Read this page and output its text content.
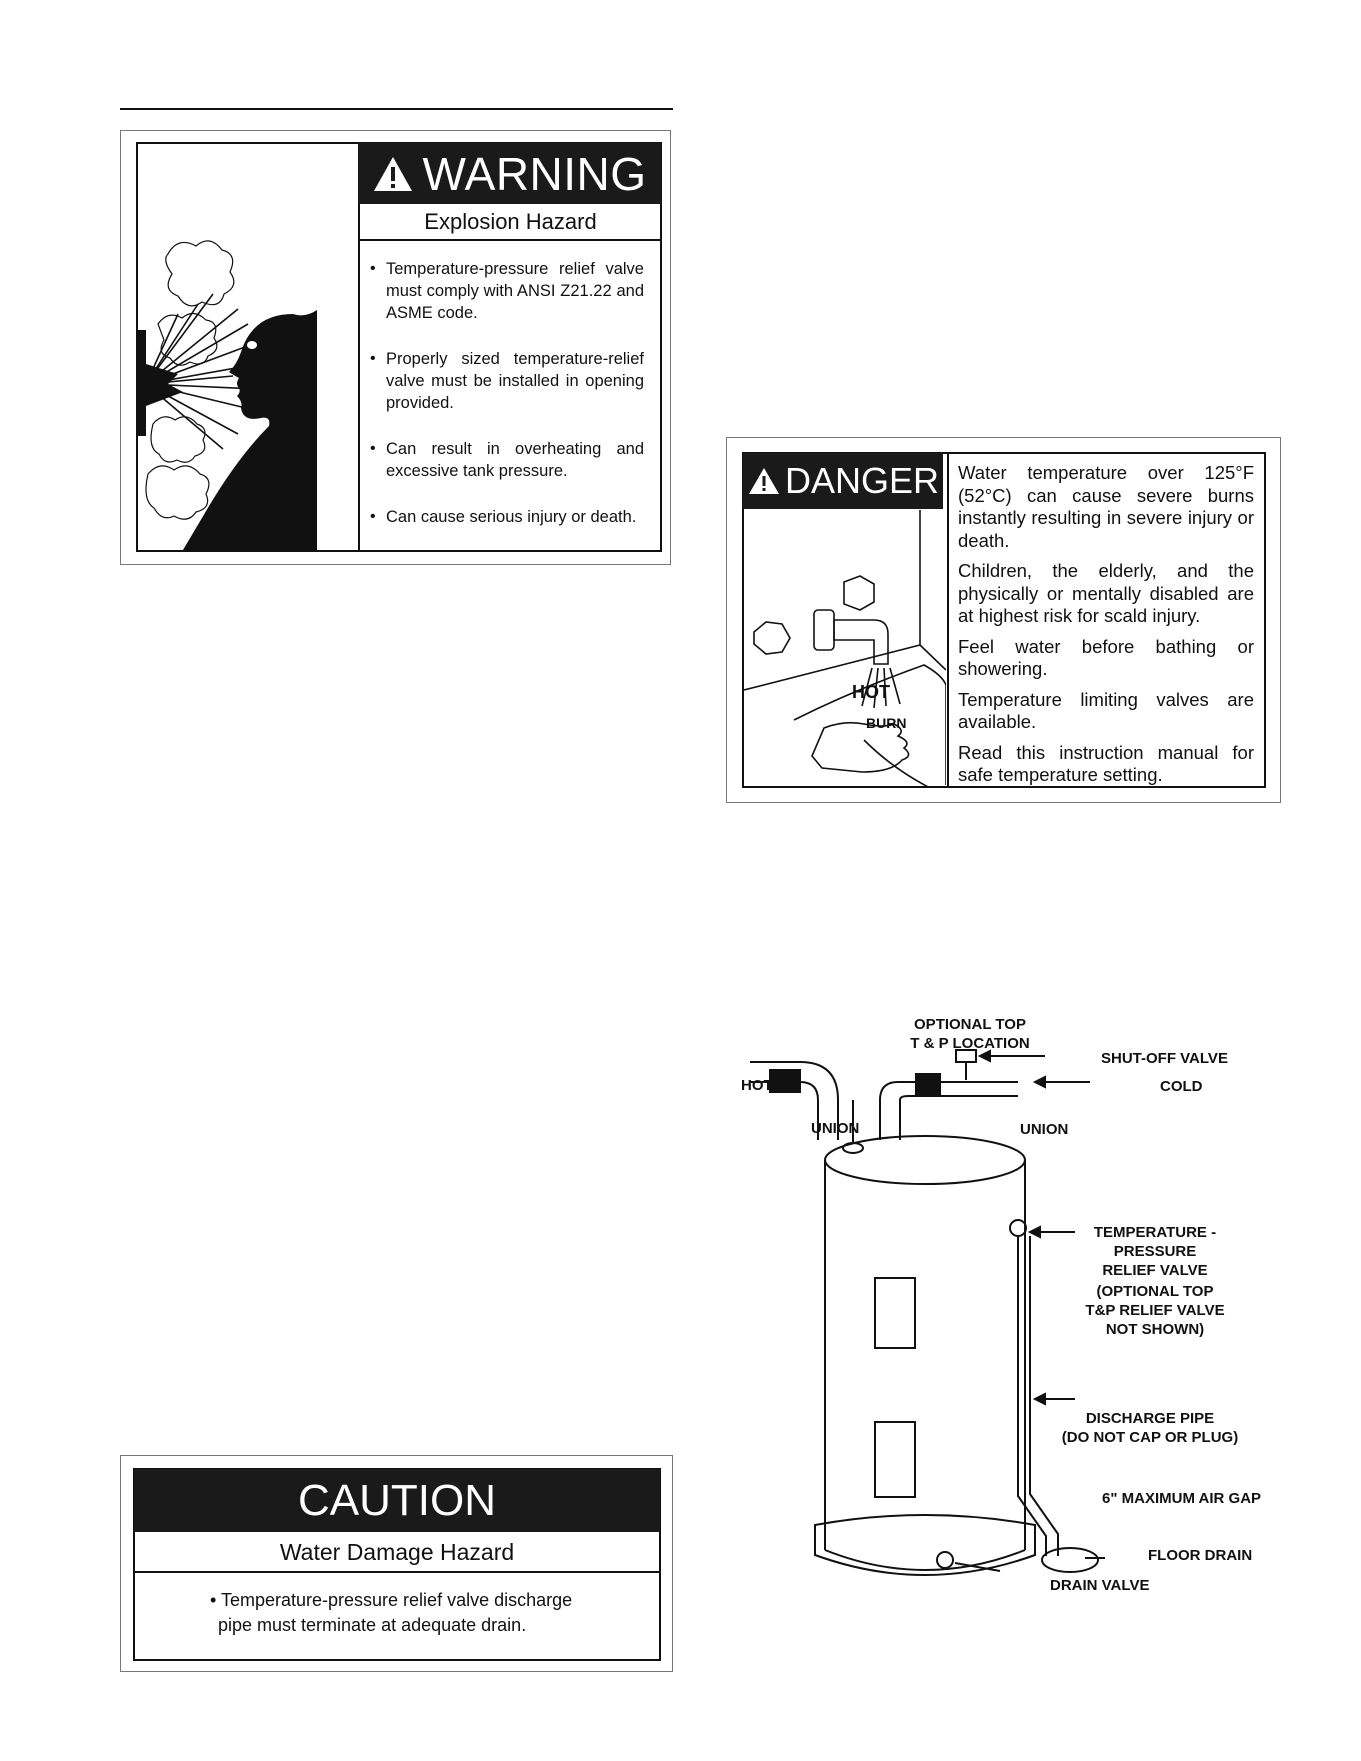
WARNING
Explosion Hazard
• Temperature-pressure relief valve must comply with ANSI Z21.22 and ASME code.
• Properly sized temperature-relief valve must be installed in opening provided.
• Can result in overheating and excessive tank pressure.
• Can cause serious injury or death.
DANGER
HOT
BURN

Water temperature over 125°F (52°C) can cause severe burns instantly resulting in severe injury or death.

Children, the elderly, and the physically or mentally disabled are at highest risk for scald injury.

Feel water before bathing or showering.

Temperature limiting valves are available.

Read this instruction manual for safe temperature setting.

CAUTION
Water Damage Hazard
• Temperature-pressure relief valve discharge
pipe must terminate at adequate drain.
OPTIONAL TOP
T & P LOCATION
HOT	COLD
SHUT-OFF VALVE
UNION	UNION
TEMPERATURE -
PRESSURE
RELIEF VALVE
(OPTIONAL TOP
T&P RELIEF VALVE
NOT SHOWN)
DISCHARGE PIPE
(DO NOT CAP OR PLUG)
6" MAXIMUM AIR GAP
FLOOR DRAIN
DRAIN VALVE
